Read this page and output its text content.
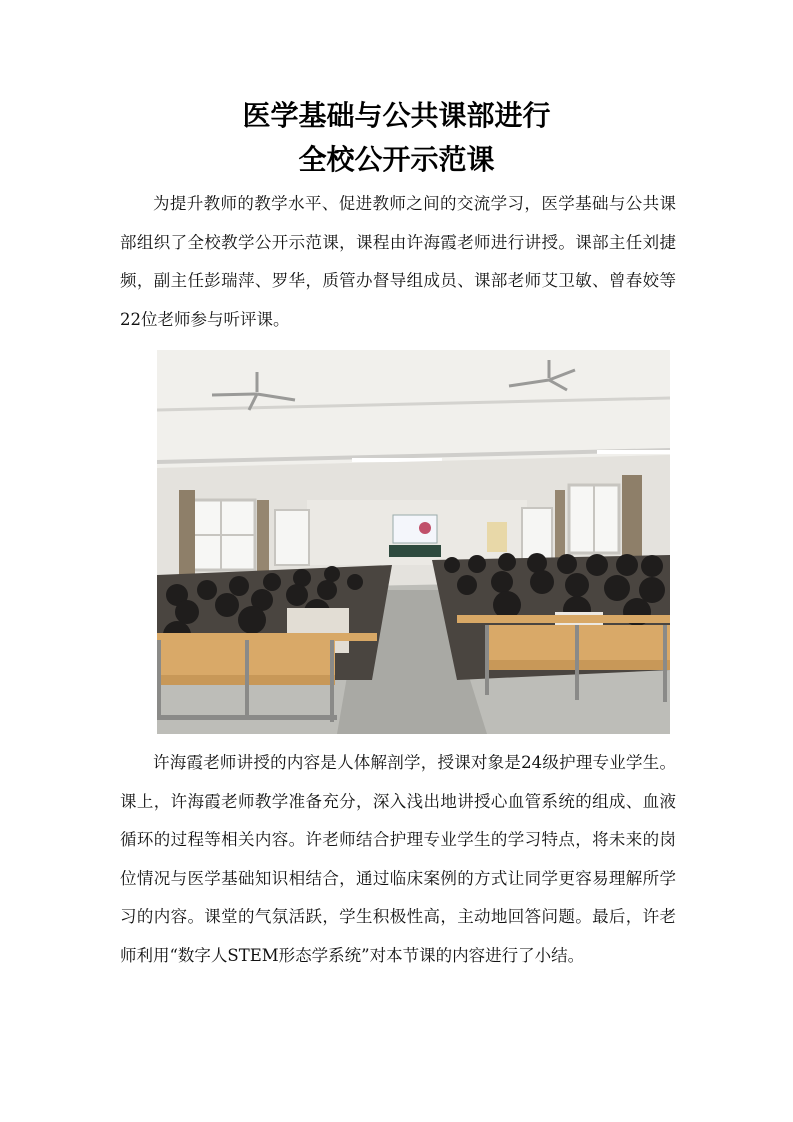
医学基础与公共课部进行
全校公开示范课
为提升教师的教学水平、促进教师之间的交流学习，医学基础与公共课部组织了全校教学公开示范课，课程由许海霞老师进行讲授。课部主任刘捷频，副主任彭瑞萍、罗华，质管办督导组成员、课部老师艾卫敏、曾春姣等22位老师参与听评课。
许海霞老师讲授的内容是人体解剖学，授课对象是24级护理专业学生。课上，许海霞老师教学准备充分，深入浅出地讲授心血管系统的组成、血液循环的过程等相关内容。许老师结合护理专业学生的学习特点，将未来的岗位情况与医学基础知识相结合，通过临床案例的方式让同学更容易理解所学习的内容。课堂的气氛活跃，学生积极性高，主动地回答问题。最后，许老师利用“数字人STEM形态学系统”对本节课的内容进行了小结。
